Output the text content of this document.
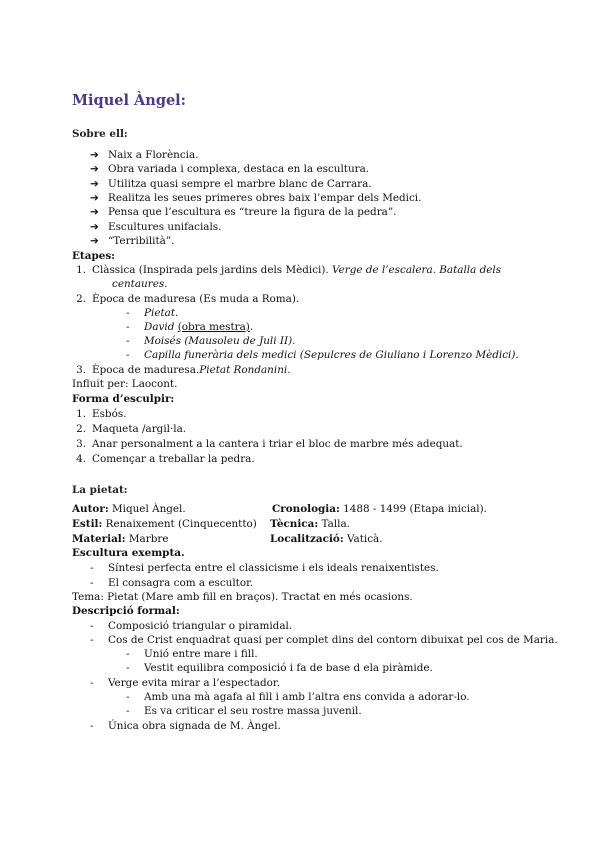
Miquel Àngel:
Sobre ell:
➔ Naix a Florència.
➔ Obra variada i complexa, destaca en la escultura.
➔ Utilitza quasi sempre el marbre blanc de Carrara.
➔ Realitza les seues primeres obres baix l’empar dels Medici.
➔ Pensa que l’escultura es “treure la figura de la pedra”.
➔ Escultures unifacials.
➔ “Terribilità”.
Etapes:
1. Clàssica (Inspirada pels jardins dels Mèdici). Verge de l’escalera. Batalla dels
centaures.
2. Època de maduresa (Es muda a Roma).
- Pietat.
- David (obra mestra).
- Moisés (Mausoleu de Juli II).
- Capilla funerària dels medici (Sepulcres de Giuliano i Lorenzo Mèdici).
3. Època de maduresa.Pietat Rondanini.
Influit per: Laocont.
Forma d’esculpir:
1. Esbós.
2. Maqueta /argil·la.
3. Anar personalment a la cantera i triar el bloc de marbre més adequat.
4. Començar a treballar la pedra.
La pietat:
Autor: Miquel Àngel.	Cronologia: 1488 - 1499 (Etapa inicial).
Estil: Renaixement (Cinquecentto) Tècnica: Talla.
Material: Marbre	Localització: Vaticà.
Escultura exempta.
- Síntesi perfecta entre el classicisme i els ideals renaixentistes.
- El consagra com a escultor.
Tema: Pietat (Mare amb fill en braços). Tractat en més ocasions.
Descripció formal:
- Composició triangular o piramidal.
- Cos de Crist enquadrat quasi per complet dins del contorn dibuixat pel cos de Maria.
- Unió entre mare i fill.
- Vestit equilibra composició i fa de base d ela piràmide.
- Verge evita mirar a l’espectador.
- Amb una mà agafa al fill i amb l’altra ens convida a adorar-lo.
- Es va criticar el seu rostre massa juvenil.
- Única obra signada de M. Àngel.
